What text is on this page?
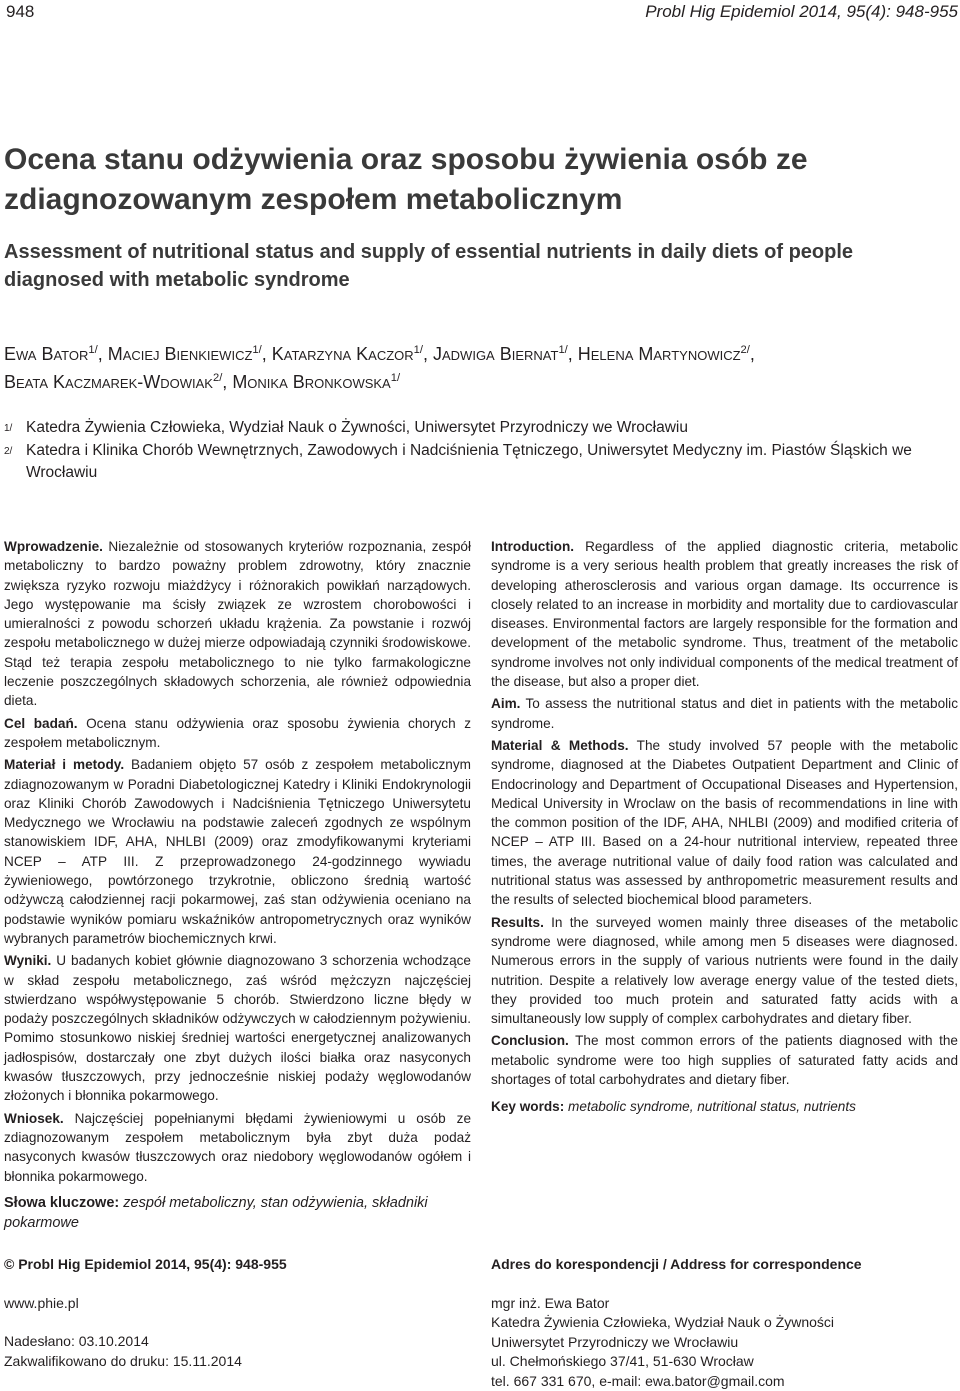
948	Probl Hig Epidemiol 2014, 95(4): 948-955
Ocena stanu odżywienia oraz sposobu żywienia osób ze zdiagnozowanym zespołem metabolicznym
Assessment of nutritional status and supply of essential nutrients in daily diets of people diagnosed with metabolic syndrome
Ewa Bator$^{1/}$, Maciej Bienkiewicz$^{1/}$, Katarzyna Kaczor$^{1/}$, Jadwiga Biernat$^{1/}$, Helena Martynowicz$^{2/}$,
Beata Kaczmarek-Wdowiak$^{2/}$, Monika Bronkowska$^{1/}$
1/ Katedra Żywienia Człowieka, Wydział Nauk o Żywności, Uniwersytet Przyrodniczy we Wrocławiu
2/ Katedra i Klinika Chorób Wewnętrznych, Zawodowych i Nadciśnienia Tętniczego, Uniwersytet Medyczny im. Piastów Śląskich we Wrocławiu

Wprowadzenie. Niezależnie od stosowanych kryteriów rozpoznania, zespół metaboliczny to bardzo poważny problem zdrowotny, który znacznie zwiększa ryzyko rozwoju miażdżycy i różnorakich powikłań narządowych. Jego występowanie ma ścisły związek ze wzrostem chorobowości i umieralności z powodu schorzeń układu krążenia. Za powstanie i rozwój zespołu metabolicznego w dużej mierze odpowiadają czynniki środowiskowe. Stąd też terapia zespołu metabolicznego to nie tylko farmakologiczne leczenie poszczególnych składowych schorzenia, ale również odpowiednia dieta.

Cel badań. Ocena stanu odżywienia oraz sposobu żywienia chorych z zespołem metabolicznym.

Materiał i metody. Badaniem objęto 57 osób z zespołem metabolicznym zdiagnozowanym w Poradni Diabetologicznej Katedry i Kliniki Endokrynologii oraz Kliniki Chorób Zawodowych i Nadciśnienia Tętniczego Uniwersytetu Medycznego we Wrocławiu na podstawie zaleceń zgodnych ze wspólnym stanowiskiem IDF, AHA, NHLBI (2009) oraz zmodyfikowanymi kryteriami NCEP – ATP III. Z przeprowadzonego 24-godzinnego wywiadu żywieniowego, powtórzonego trzykrotnie, obliczono średnią wartość odżywczą całodziennej racji pokarmowej, zaś stan odżywienia oceniano na podstawie wyników pomiaru wskaźników antropometrycznych oraz wyników wybranych parametrów biochemicznych krwi.

Wyniki. U badanych kobiet głównie diagnozowano 3 schorzenia wchodzące w skład zespołu metabolicznego, zaś wśród mężczyzn najczęściej stwierdzano współwystępowanie 5 chorób. Stwierdzono liczne błędy w podaży poszczególnych składników odżywczych w całodziennym pożywieniu. Pomimo stosunkowo niskiej średniej wartości energetycznej analizowanych jadłospisów, dostarczały one zbyt dużych ilości białka oraz nasyconych kwasów tłuszczowych, przy jednocześnie niskiej podaży węglowodanów złożonych i błonnika pokarmowego.

Wniosek. Najczęściej popełnianymi błędami żywieniowymi u osób ze zdiagnozowanym zespołem metabolicznym była zbyt duża podaż nasyconych kwasów tłuszczowych oraz niedobory węglowodanów ogółem i błonnika pokarmowego.

Słowa kluczowe: zespół metaboliczny, stan odżywienia, składniki pokarmowe

Introduction. Regardless of the applied diagnostic criteria, metabolic syndrome is a very serious health problem that greatly increases the risk of developing atherosclerosis and various organ damage. Its occurrence is closely related to an increase in morbidity and mortality due to cardiovascular diseases. Environmental factors are largely responsible for the formation and development of the metabolic syndrome. Thus, treatment of the metabolic syndrome involves not only individual components of the medical treatment of the disease, but also a proper diet.

Aim. To assess the nutritional status and diet in patients with the metabolic syndrome.

Material & Methods. The study involved 57 people with the metabolic syndrome, diagnosed at the Diabetes Outpatient Department and Clinic of Endocrinology and Department of Occupational Diseases and Hypertension, Medical University in Wroclaw on the basis of recommendations in line with the common position of the IDF, AHA, NHLBI (2009) and modified criteria of NCEP – ATP III. Based on a 24-hour nutritional interview, repeated three times, the average nutritional value of daily food ration was calculated and nutritional status was assessed by anthropometric measurement results and the results of selected biochemical blood parameters.

Results. In the surveyed women mainly three diseases of the metabolic syndrome were diagnosed, while among men 5 diseases were diagnosed. Numerous errors in the supply of various nutrients were found in the daily nutrition. Despite a relatively low average energy value of the tested diets, they provided too much protein and saturated fatty acids with a simultaneously low supply of complex carbohydrates and dietary fiber.

Conclusion. The most common errors of the patients diagnosed with the metabolic syndrome were too high supplies of saturated fatty acids and shortages of total carbohydrates and dietary fiber.

Key words: metabolic syndrome, nutritional status, nutrients

© Probl Hig Epidemiol 2014, 95(4): 948-955
www.phie.pl
Nadesłano: 03.10.2014
Zakwalifikowano do druku: 15.11.2014
Adres do korespondencji / Address for correspondence
mgr inż. Ewa Bator
Katedra Żywienia Człowieka, Wydział Nauk o Żywności
Uniwersytet Przyrodniczy we Wrocławiu
ul. Chełmońskiego 37/41, 51-630 Wrocław
tel. 667 331 670, e-mail: ewa.bator@gmail.com
